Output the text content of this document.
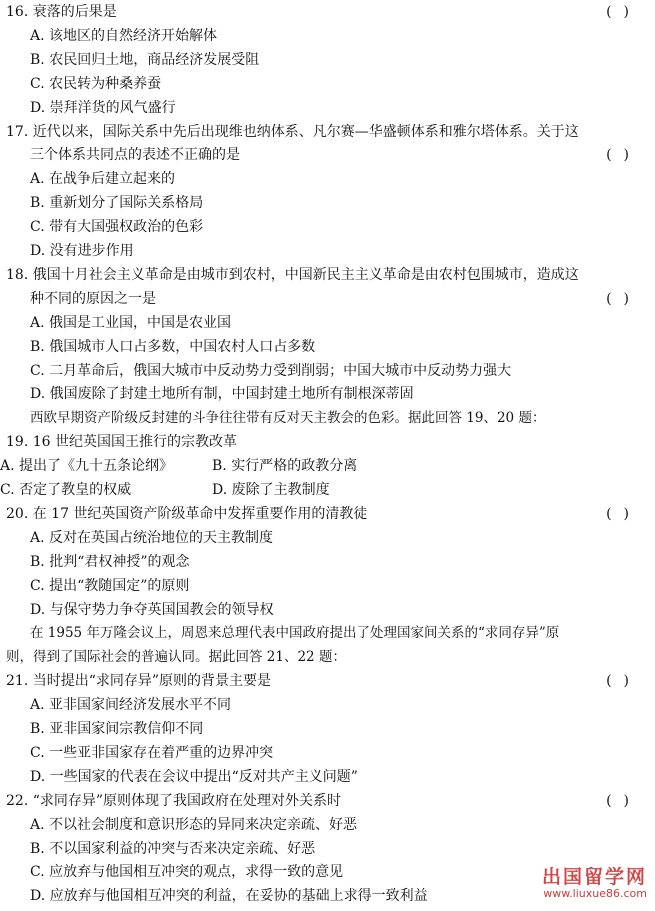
16. 衰落的后果是	()
A. 该地区的自然经济开始解体
B. 农民回归土地，商品经济发展受阻
C. 农民转为种桑养蚕
D. 崇拜洋货的风气盛行
17. 近代以来，国际关系中先后出现维也纳体系、凡尔赛—华盛顿体系和雅尔塔体系。关于这
三个体系共同点的表述不正确的是	()
A. 在战争后建立起来的
B. 重新划分了国际关系格局
C. 带有大国强权政治的色彩
D. 没有进步作用
18. 俄国十月社会主义革命是由城市到农村，中国新民主主义革命是由农村包围城市，造成这
种不同的原因之一是	()
A. 俄国是工业国，中国是农业国
B. 俄国城市人口占多数，中国农村人口占多数
C. 二月革命后，俄国大城市中反动势力受到削弱；中国大城市中反动势力强大
D. 俄国废除了封建土地所有制，中国封建土地所有制根深蒂固
西欧早期资产阶级反封建的斗争往往带有反对天主教会的色彩。据此回答 19、20 题：
19. 16 世纪英国国王推行的宗教改革
A. 提出了《九十五条论纲》	B. 实行严格的政教分离
C. 否定了教皇的权威	D. 废除了主教制度
20. 在 17 世纪英国资产阶级革命中发挥重要作用的清教徒	()
A. 反对在英国占统治地位的天主教制度
B. 批判“君权神授”的观念
C. 提出“教随国定”的原则
D. 与保守势力争夺英国国教会的领导权
在 1955 年万隆会议上，周恩来总理代表中国政府提出了处理国家间关系的“求同存异”原
则，得到了国际社会的普遍认同。据此回答 21、22 题：
21. 当时提出“求同存异”原则的背景主要是	()
A. 亚非国家间经济发展水平不同
B. 亚非国家间宗教信仰不同
C. 一些亚非国家存在着严重的边界冲突
D. 一些国家的代表在会议中提出“反对共产主义问题”
22. “求同存异”原则体现了我国政府在处理对外关系时	()
A. 不以社会制度和意识形态的异同来决定亲疏、好恶
B. 不以国家利益的冲突与否来决定亲疏、好恶
C. 应放弃与他国相互冲突的观点，求得一致的意见
D. 应放弃与他国相互冲突的利益，在妥协的基础上求得一致利益
出国留学网
www.liuxue86.com
